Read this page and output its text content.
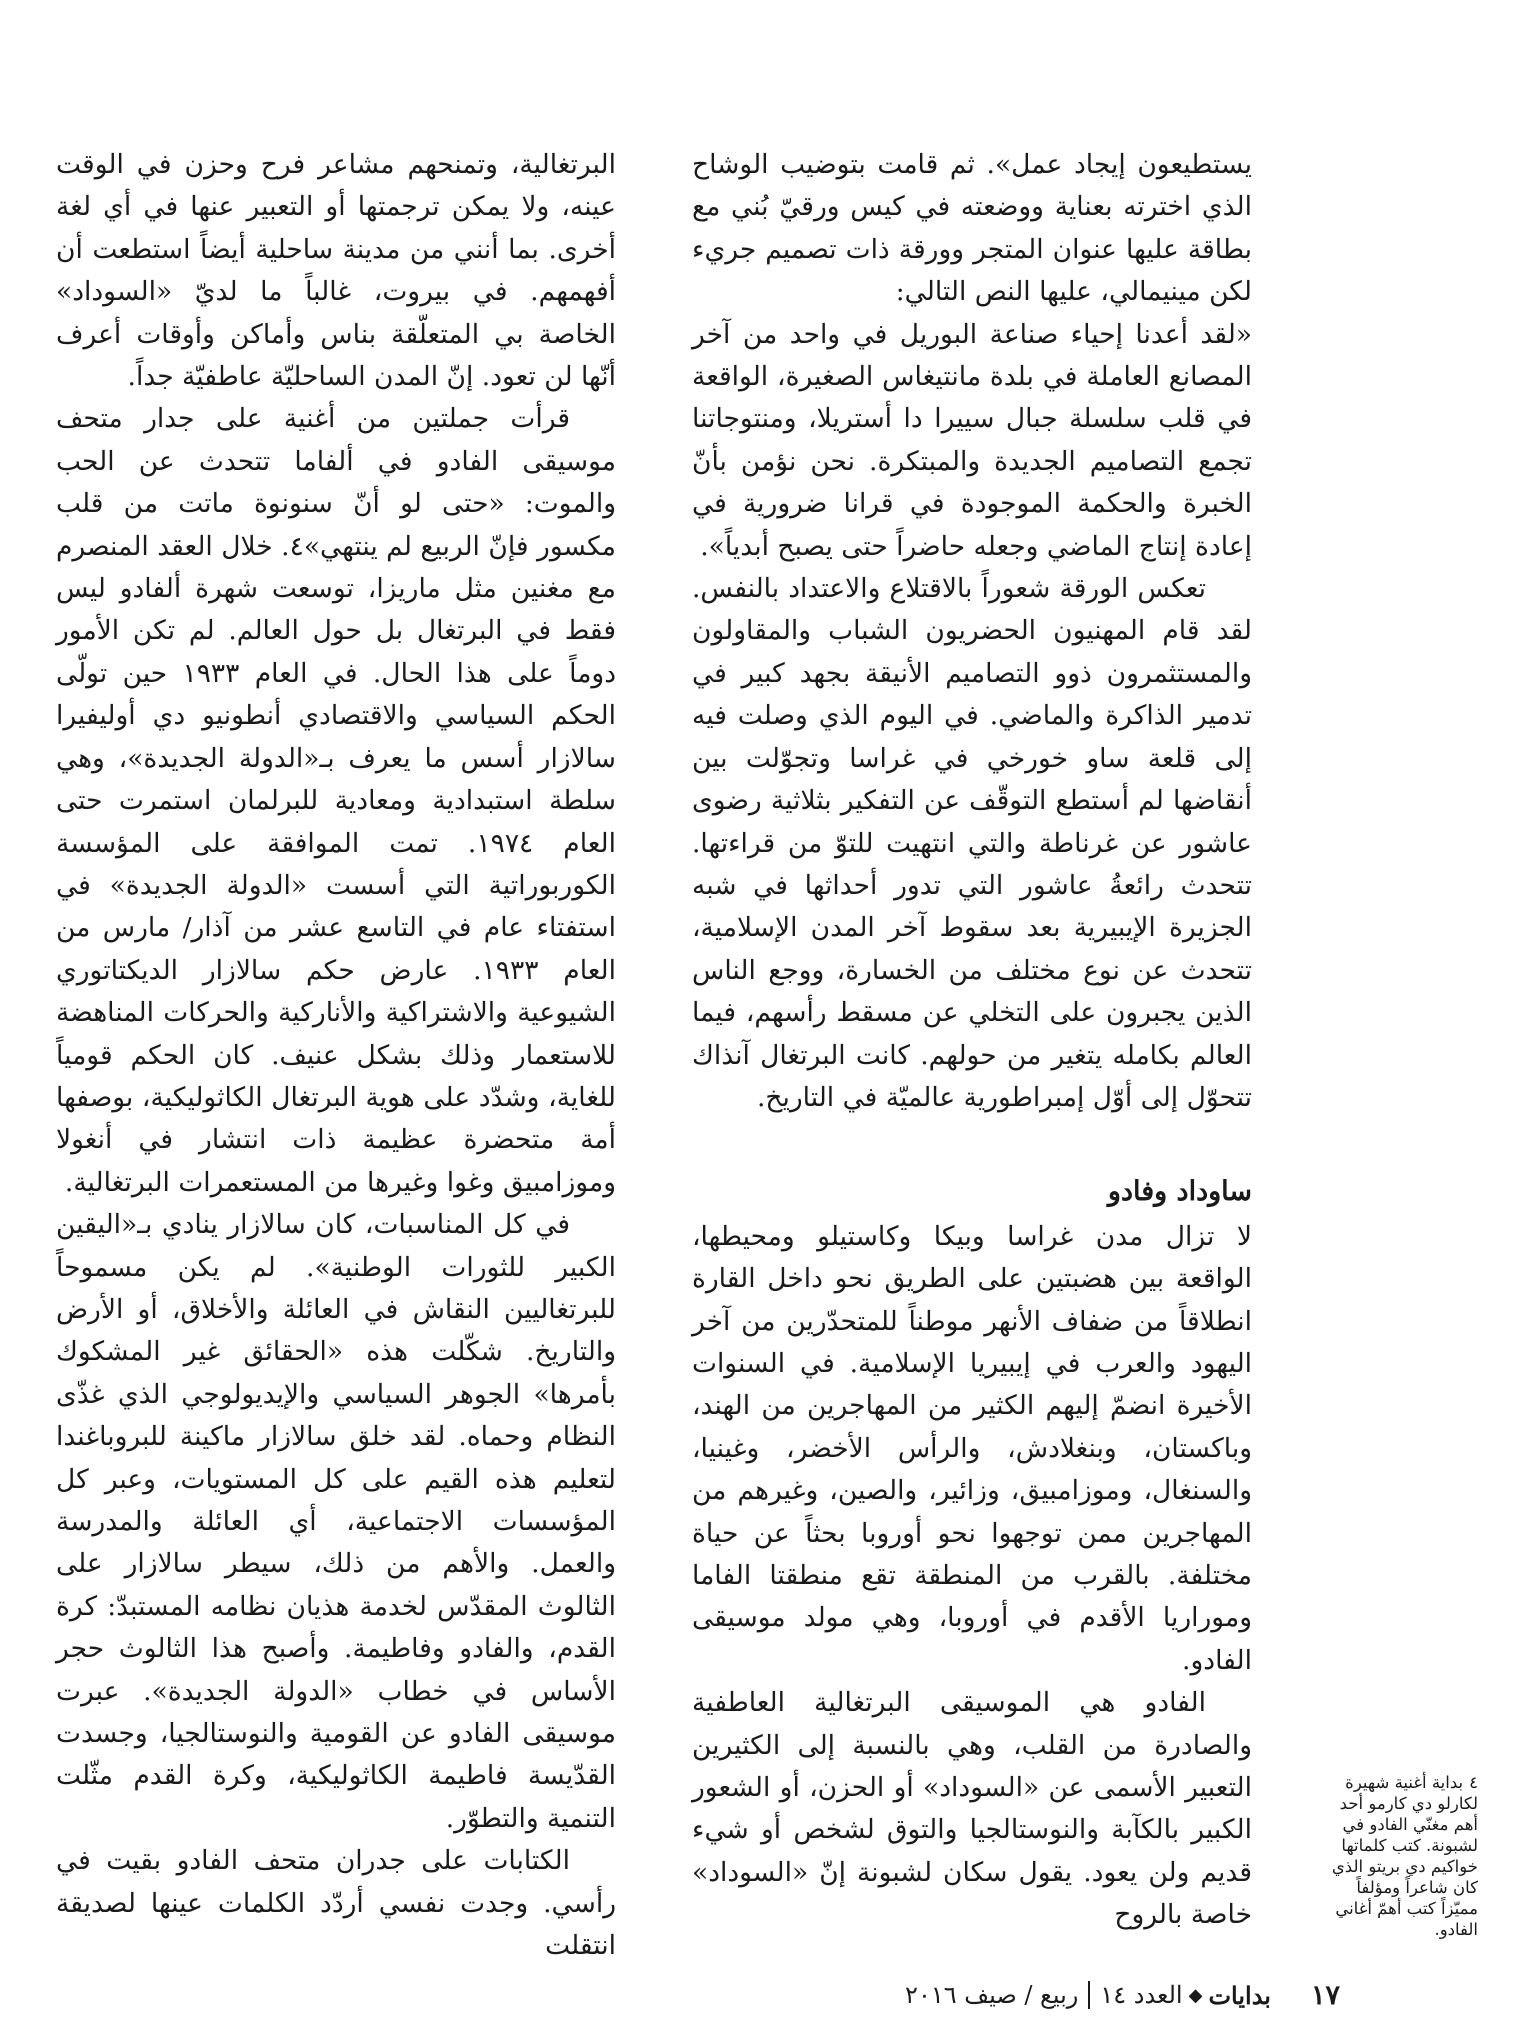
يستطيعون إيجاد عمل». ثم قامت بتوضيب الوشاح الذي اخترته بعناية ووضعته في كيس ورقيّ بُني مع بطاقة عليها عنوان المتجر وورقة ذات تصميم جريء لكن مينيمالي، عليها النص التالي:

«لقد أعدنا إحياء صناعة البوريل في واحد من آخر المصانع العاملة في بلدة مانتيغاس الصغيرة، الواقعة في قلب سلسلة جبال سييرا دا أستريلا، ومنتوجاتنا تجمع التصاميم الجديدة والمبتكرة. نحن نؤمن بأنّ الخبرة والحكمة الموجودة في قرانا ضرورية في إعادة إنتاج الماضي وجعله حاضراً حتى يصبح أبدياً».

تعكس الورقة شعوراً بالاقتلاع والاعتداد بالنفس. لقد قام المهنيون الحضريون الشباب والمقاولون والمستثمرون ذوو التصاميم الأنيقة بجهد كبير في تدمير الذاكرة والماضي. في اليوم الذي وصلت فيه إلى قلعة ساو خورخي في غراسا وتجوّلت بين أنقاضها لم أستطع التوقّف عن التفكير بثلاثية رضوى عاشور عن غرناطة والتي انتهيت للتوّ من قراءتها. تتحدث رائعةُ عاشور التي تدور أحداثها في شبه الجزيرة الإيبيرية بعد سقوط آخر المدن الإسلامية، تتحدث عن نوع مختلف من الخسارة، ووجع الناس الذين يجبرون على التخلي عن مسقط رأسهم، فيما العالم بكامله يتغير من حولهم. كانت البرتغال آنذاك تتحوّل إلى أوّل إمبراطورية عالميّة في التاريخ.

ساوداد وفادو

لا تزال مدن غراسا وبيكا وكاستيلو ومحيطها، الواقعة بين هضبتين على الطريق نحو داخل القارة انطلاقاً من ضفاف الأنهر موطناً للمتحدّرين من آخر اليهود والعرب في إيبيريا الإسلامية. في السنوات الأخيرة انضمّ إليهم الكثير من المهاجرين من الهند، وباكستان، وبنغلادش، والرأس الأخضر، وغينيا، والسنغال، وموزامبيق، وزائير، والصين، وغيرهم من المهاجرين ممن توجهوا نحو أوروبا بحثاً عن حياة مختلفة. بالقرب من المنطقة تقع منطقتا الفاما وموراريا الأقدم في أوروبا، وهي مولد موسيقى الفادو.

الفادو هي الموسيقى البرتغالية العاطفية والصادرة من القلب، وهي بالنسبة إلى الكثيرين التعبير الأسمى عن «السوداد» أو الحزن، أو الشعور الكبير بالكآبة والنوستالجيا والتوق لشخص أو شيء قديم ولن يعود. يقول سكان لشبونة إنّ «السوداد» خاصة بالروح

البرتغالية، وتمنحهم مشاعر فرح وحزن في الوقت عينه، ولا يمكن ترجمتها أو التعبير عنها في أي لغة أخرى. بما أنني من مدينة ساحلية أيضاً استطعت أن أفهمهم. في بيروت، غالباً ما لديّ «السوداد» الخاصة بي المتعلّقة بناس وأماكن وأوقات أعرف أنّها لن تعود. إنّ المدن الساحليّة عاطفيّة جداً.

قرأت جملتين من أغنية على جدار متحف موسيقى الفادو في ألفاما تتحدث عن الحب والموت: «حتى لو أنّ سنونوة ماتت من قلب مكسور فإنّ الربيع لم ينتهي»٤. خلال العقد المنصرم مع مغنين مثل ماريزا، توسعت شهرة ألفادو ليس فقط في البرتغال بل حول العالم. لم تكن الأمور دوماً على هذا الحال. في العام ١٩٣٣ حين تولّى الحكم السياسي والاقتصادي أنطونيو دي أوليفيرا سالازار أسس ما يعرف بـ«الدولة الجديدة»، وهي سلطة استبدادية ومعادية للبرلمان استمرت حتى العام ١٩٧٤. تمت الموافقة على المؤسسة الكوربوراتية التي أسست «الدولة الجديدة» في استفتاء عام في التاسع عشر من آذار/ مارس من العام ١٩٣٣. عارض حكم سالازار الديكتاتوري الشيوعية والاشتراكية والأناركية والحركات المناهضة للاستعمار وذلك بشكل عنيف. كان الحكم قومياً للغاية، وشدّد على هوية البرتغال الكاثوليكية، بوصفها أمة متحضرة عظيمة ذات انتشار في أنغولا وموزامبيق وغوا وغيرها من المستعمرات البرتغالية.

في كل المناسبات، كان سالازار ينادي بـ«اليقين الكبير للثورات الوطنية». لم يكن مسموحاً للبرتغاليين النقاش في العائلة والأخلاق، أو الأرض والتاريخ. شكّلت هذه «الحقائق غير المشكوك بأمرها» الجوهر السياسي والإيديولوجي الذي غذّى النظام وحماه. لقد خلق سالازار ماكينة للبروباغندا لتعليم هذه القيم على كل المستويات، وعبر كل المؤسسات الاجتماعية، أي العائلة والمدرسة والعمل. والأهم من ذلك، سيطر سالازار على الثالوث المقدّس لخدمة هذيان نظامه المستبدّ: كرة القدم، والفادو وفاطيمة. وأصبح هذا الثالوث حجر الأساس في خطاب «الدولة الجديدة». عبرت موسيقى الفادو عن القومية والنوستالجيا، وجسدت القدّيسة فاطيمة الكاثوليكية، وكرة القدم مثّلت التنمية والتطوّر.

الكتابات على جدران متحف الفادو بقيت في رأسي. وجدت نفسي أردّد الكلمات عينها لصديقة انتقلت

٤بداية أغنية شهيرة لكارلو دي كارمو أحد أهم مغنّي الفادو في لشبونة. كتب كلماتها خواكيم دي بريتو الذي كان شاعراً ومؤلفاً مميّزاً كتب أهمّ أغاني الفادو.
١٧
بدايات
◆
العدد ١٤
ربيع / صيف ٢٠١٦
